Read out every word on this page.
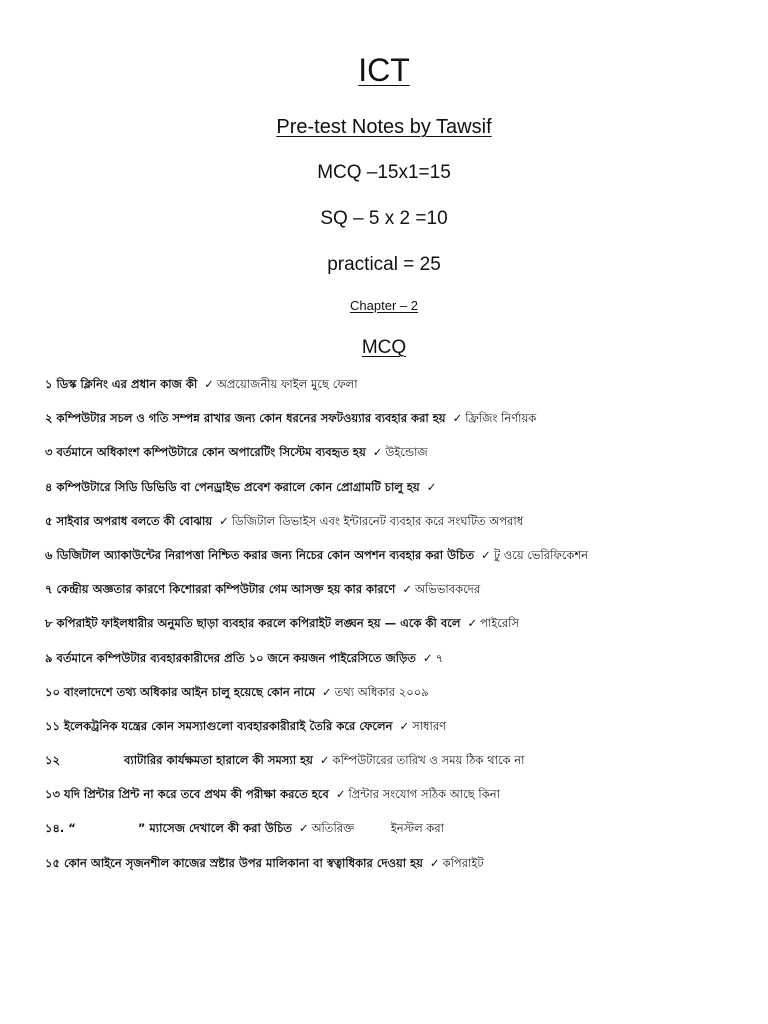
ICT
Pre-test Notes by Tawsif
MCQ –15x1=15
SQ – 5 x 2 =10
practical = 25
Chapter – 2
MCQ
১ ডিস্ক ক্লিনিং এর প্রধান কাজ কী ✓ অপ্রয়োজনীয় ফাইল মুছে ফেলা
২ কম্পিউটার সচল ও গতি সম্পন্ন রাখার জন্য কোন ধরনের সফটওয়্যার ব্যবহার করা হয় ✓ ফ্রিজিং নির্ণায়ক
৩ বর্তমানে অধিকাংশ কম্পিউটারে কোন অপারেটিং সিস্টেম ব্যবহৃত হয় ✓ উইন্ডোজ
৪ কম্পিউটারে সিডি ডিভিডি বা পেনড্রাইভ প্রবেশ করালে কোন প্রোগ্রামটি চালু হয় ✓
৫ সাইবার অপরাধ বলতে কী বোঝায় ✓ ডিজিটাল ডিভাইস এবং ইন্টারনেট ব্যবহার করে সংঘটিত অপরাধ
৬ ডিজিটাল অ্যাকাউন্টের নিরাপত্তা নিশ্চিত করার জন্য নিচের কোন অপশন ব্যবহার করা উচিত ✓ টু ওয়ে ভেরিফিকেশন
৭ কেন্দ্রীয় অজ্ঞতার কারণে কিশোররা কম্পিউটার গেম আসক্ত হয় কার কারণে ✓ অভিভাবকদের
৮ কপিরাইট ফাইলধারীর অনুমতি ছাড়া ব্যবহার করলে কপিরাইট লঙ্ঘন হয় — একে কী বলে ✓ পাইরেসি
৯ বর্তমানে কম্পিউটার ব্যবহারকারীদের প্রতি ১০ জনে কয়জন পাইরেসিতে জড়িত ✓ ৭
১০ বাংলাদেশে তথ্য অধিকার আইন চালু হয়েছে কোন নামে ✓ তথ্য অধিকার ২০০৯
১১ ইলেকট্রনিক যন্ত্রের কোন সমস্যাগুলো ব্যবহারকারীরাই তৈরি করে ফেলেন ✓ সাধারণ
১২	ব্যাটারির কার্যক্ষমতা হারালে কী সমস্যা হয় ✓ কম্পিউটারের তারিখ ও সময় ঠিক থাকে না
১৩ যদি প্রিন্টার প্রিন্ট না করে তবে প্রথম কী পরীক্ষা করতে হবে ✓ প্রিন্টার সংযোগ সঠিক আছে কিনা
১৪. “	” ম্যাসেজ দেখালে কী করা উচিত ✓ অতিরিক্ত          ইনস্টল করা
১৫ কোন আইনে সৃজনশীল কাজের স্রষ্টার উপর মালিকানা বা স্বত্বাধিকার দেওয়া হয় ✓ কপিরাইট
